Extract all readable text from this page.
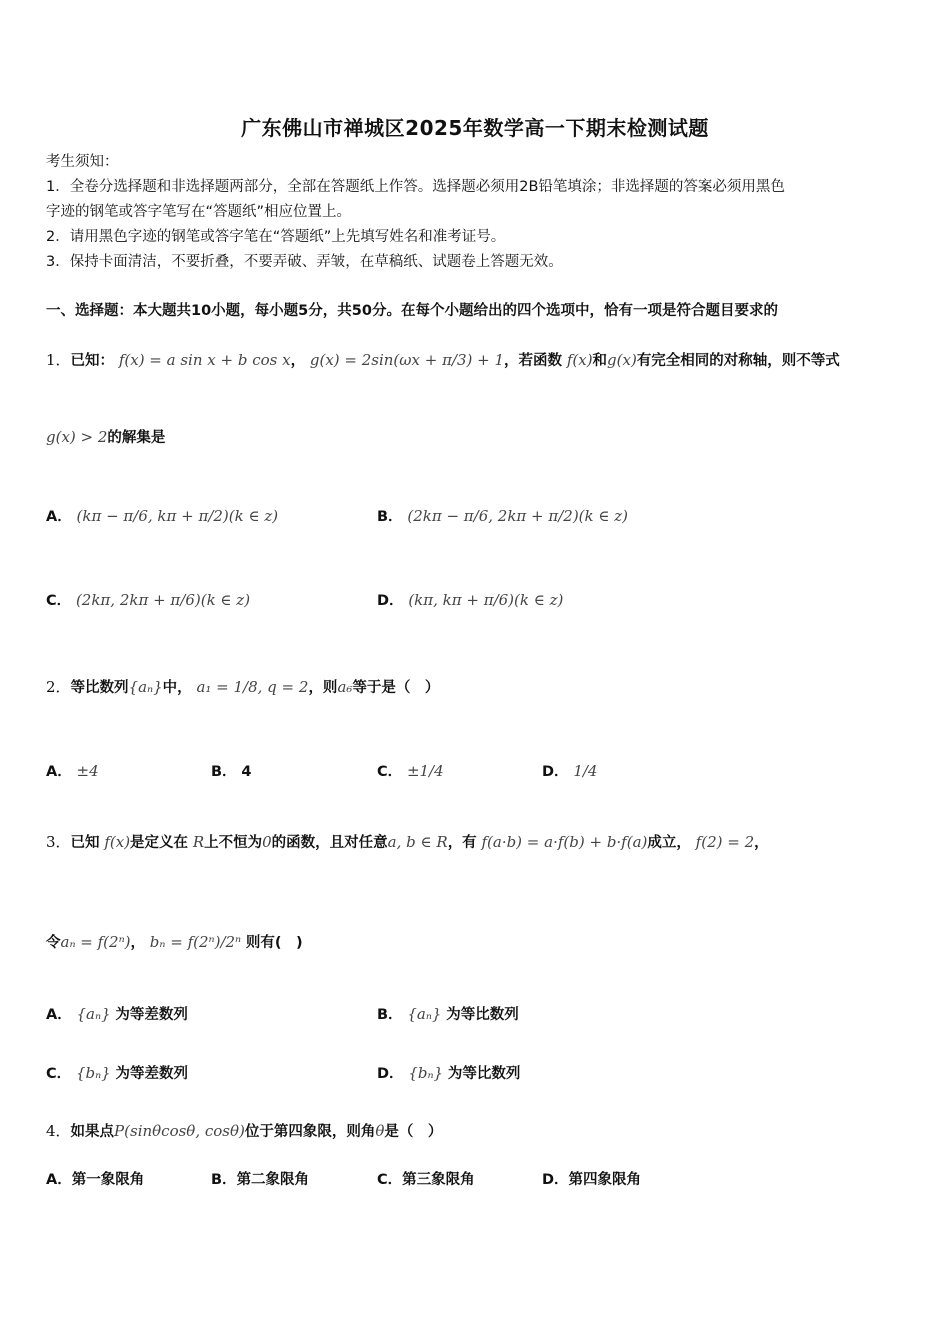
广东佛山市禅城区2025年数学高一下期末检测试题
考生须知：
1．全卷分选择题和非选择题两部分，全部在答题纸上作答。选择题必须用2B铅笔填涂；非选择题的答案必须用黑色
字迹的钢笔或答字笔写在“答题纸”相应位置上。
2．请用黑色字迹的钢笔或答字笔在“答题纸”上先填写姓名和准考证号。
3．保持卡面清洁，不要折叠，不要弄破、弄皱，在草稿纸、试题卷上答题无效。
一、选择题：本大题共10小题，每小题5分，共50分。在每个小题给出的四个选项中，恰有一项是符合题目要求的
1．已知： f(x) = a sin x + b cos x， g(x) = 2sin(ωx + π/3) + 1，若函数 f(x)和g(x)有完全相同的对称轴，则不等式
g(x) > 2的解集是
A． (kπ − π/6, kπ + π/2)(k ∈ z)	B． (2kπ − π/6, 2kπ + π/2)(k ∈ z)
C． (2kπ, 2kπ + π/6)(k ∈ z)	D． (kπ, kπ + π/6)(k ∈ z)
2．等比数列{aₙ}中， a₁ = 1/8, q = 2，则a₆等于是（　）
A． ±4	B． 4	C． ±1/4	D． 1/4
3．已知 f(x)是定义在 R上不恒为0的函数，且对任意a, b ∈ R，有 f(a·b) = a·f(b) + b·f(a)成立， f(2) = 2，
令aₙ = f(2ⁿ)， bₙ = f(2ⁿ)/2ⁿ 则有(　)
A． {aₙ} 为等差数列	B． {aₙ} 为等比数列
C． {bₙ} 为等差数列	D． {bₙ} 为等比数列
4．如果点P(sinθcosθ, cosθ)位于第四象限，则角θ是（　）
A．第一象限角	B．第二象限角	C．第三象限角	D．第四象限角
